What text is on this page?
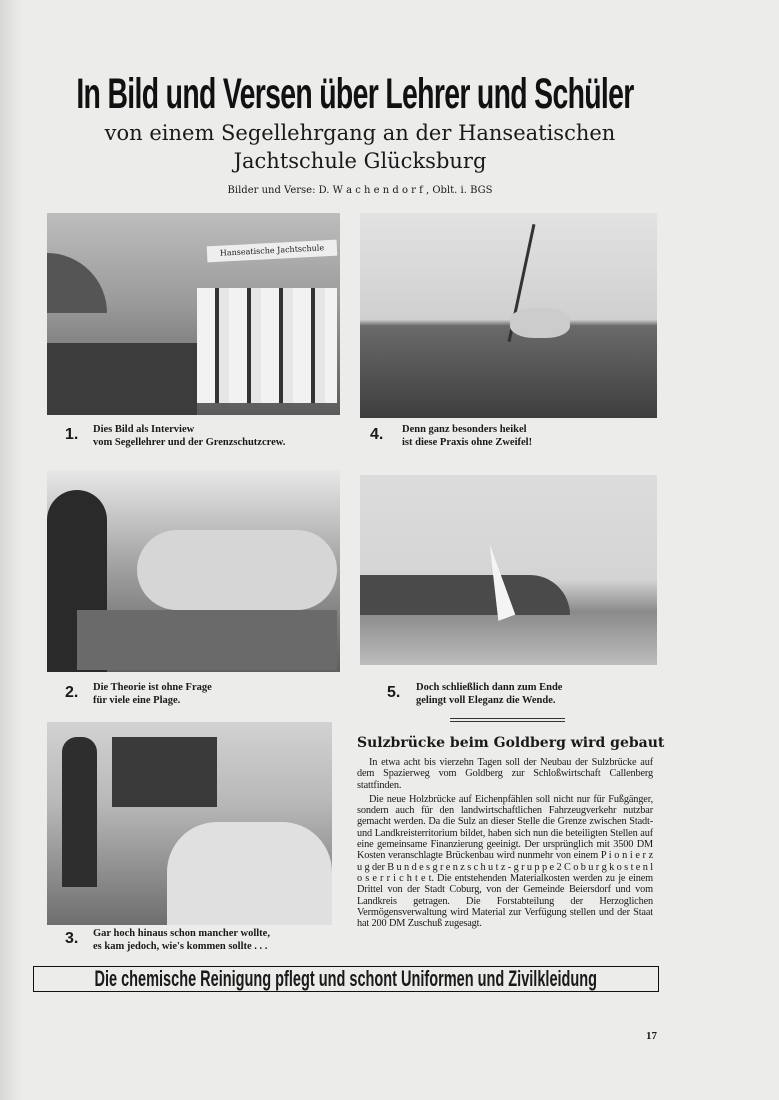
In Bild und Versen über Lehrer und Schüler
von einem Segellehrgang an der Hanseatischen
Jachtschule Glücksburg
Bilder und Verse: D. W a c h e n d o r f , Oblt. i. BGS
Hanseatische Jachtschule
1. Dies Bild als Interview
vom Segellehrer und der Grenzschutzcrew.	4. Denn ganz besonders heikel
ist diese Praxis ohne Zweifel!
2. Die Theorie ist ohne Frage
für viele eine Plage.	5. Doch schließlich dann zum Ende
gelingt voll Eleganz die Wende.
3. Gar hoch hinaus schon mancher wollte,
es kam jedoch, wie's kommen sollte . . .
Sulzbrücke beim Goldberg wird gebaut

In etwa acht bis vierzehn Tagen soll der Neubau der Sulzbrücke auf dem Spazierweg vom Goldberg zur Schloßwirtschaft Callenberg stattfinden.

Die neue Holzbrücke auf Eichenpfählen soll nicht nur für Fußgänger, sondern auch für den landwirtschaftlichen Fahrzeugverkehr nutzbar gemacht werden. Da die Sulz an dieser Stelle die Grenze zwischen Stadt- und Landkreisterritorium bildet, haben sich nun die beteiligten Stellen auf eine gemeinsame Finanzierung geeinigt. Der ursprünglich mit 3500 DM Kosten veranschlagte Brückenbau wird nunmehr von einem P i o n i e r z u g der B u n d e s g r e n z s c h u t z - g r u p p e 2 C o b u r g k o s t e n l o s e r r i c h t e t. Die entstehenden Materialkosten werden zu je einem Drittel von der Stadt Coburg, von der Gemeinde Beiersdorf und vom Landkreis getragen. Die Forstabteilung der Herzoglichen Vermögensverwaltung wird Material zur Verfügung stellen und der Staat hat 200 DM Zuschuß zugesagt.

Die chemische Reinigung pflegt und schont Uniformen und Zivilkleidung
17
